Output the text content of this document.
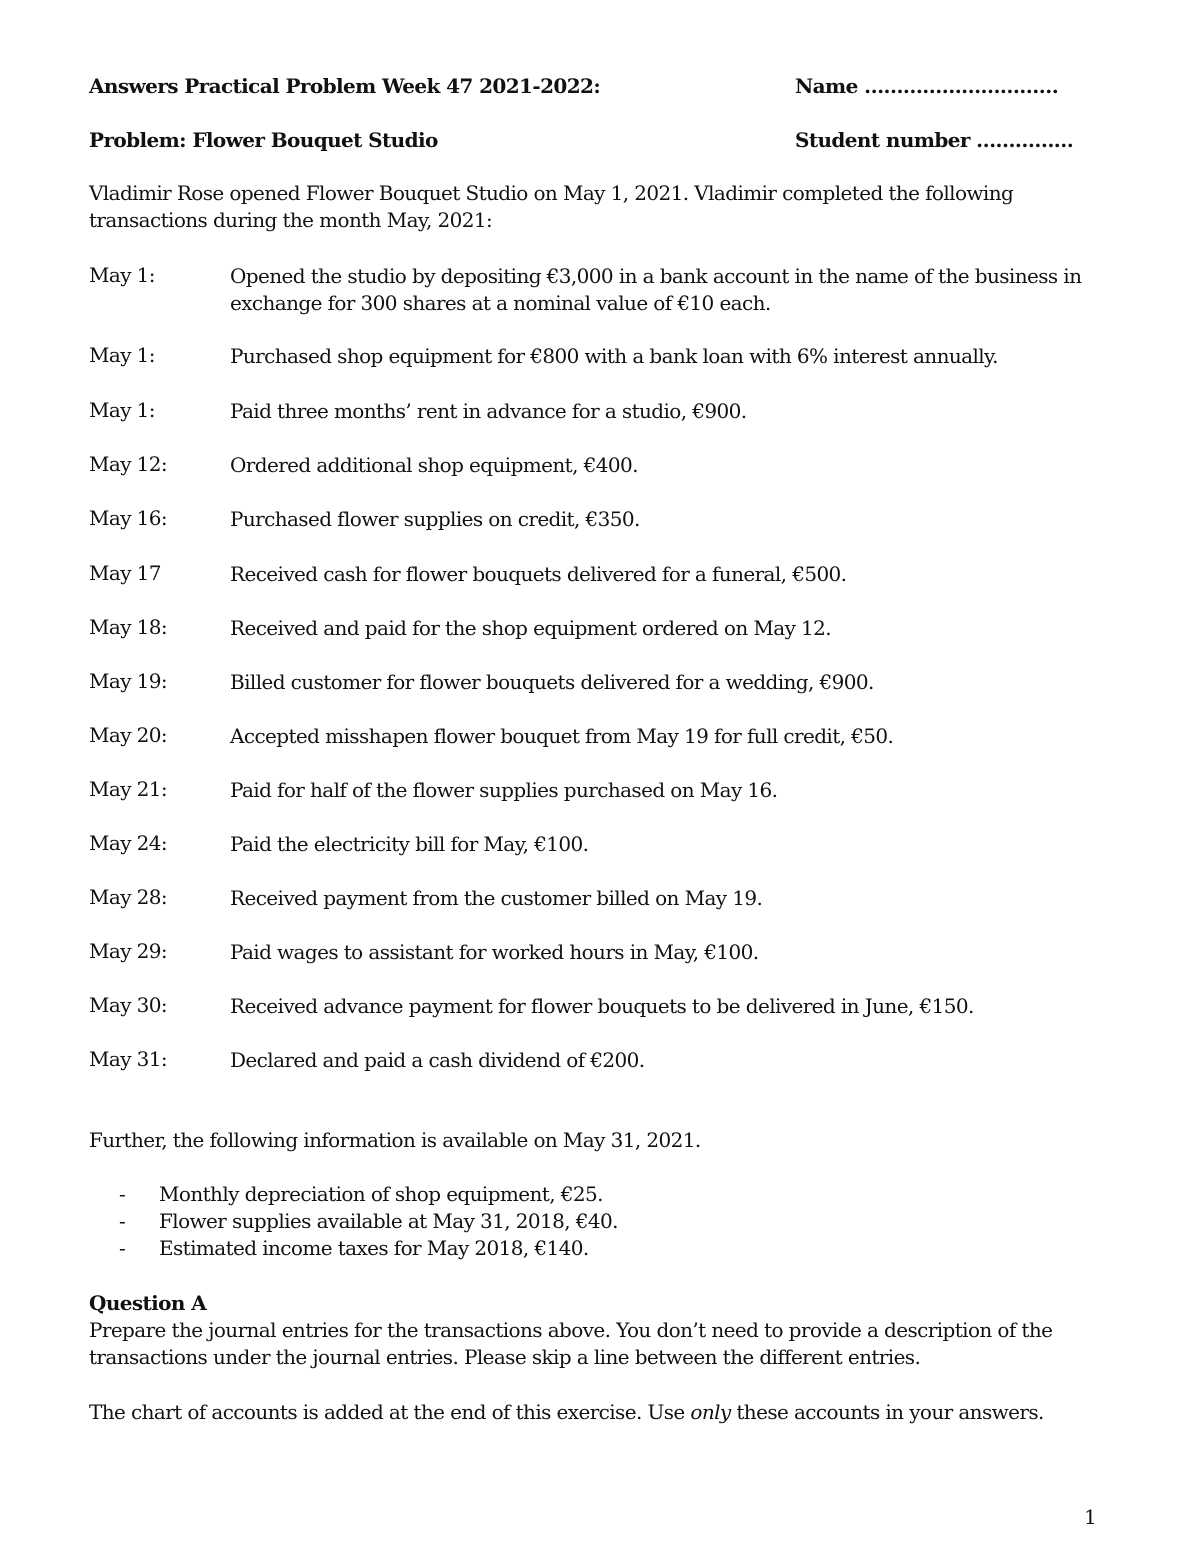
Answers Practical Problem Week 47 2021-2022:	Name …………………………
Problem: Flower Bouquet Studio	Student number ……………
Vladimir Rose opened Flower Bouquet Studio on May 1, 2021. Vladimir completed the following
transactions during the month May, 2021:
May 1:	Opened the studio by depositing €3,000 in a bank account in the name of the business in exchange for 300 shares at a nominal value of €10 each.
May 1:	Purchased shop equipment for €800 with a bank loan with 6% interest annually.
May 1:	Paid three months’ rent in advance for a studio, €900.
May 12:	Ordered additional shop equipment, €400.
May 16:	Purchased flower supplies on credit, €350.
May 17	Received cash for flower bouquets delivered for a funeral, €500.
May 18:	Received and paid for the shop equipment ordered on May 12.
May 19:	Billed customer for flower bouquets delivered for a wedding, €900.
May 20:	Accepted misshapen flower bouquet from May 19 for full credit, €50.
May 21:	Paid for half of the flower supplies purchased on May 16.
May 24:	Paid the electricity bill for May, €100.
May 28:	Received payment from the customer billed on May 19.
May 29:	Paid wages to assistant for worked hours in May, €100.
May 30:	Received advance payment for flower bouquets to be delivered in June, €150.
May 31:	Declared and paid a cash dividend of €200.
Further, the following information is available on May 31, 2021.
- Monthly depreciation of shop equipment, €25.
- Flower supplies available at May 31, 2018, €40.
- Estimated income taxes for May 2018, €140.
Question A
Prepare the journal entries for the transactions above. You don’t need to provide a description of the
transactions under the journal entries. Please skip a line between the different entries.
The chart of accounts is added at the end of this exercise. Use only these accounts in your answers.
1
